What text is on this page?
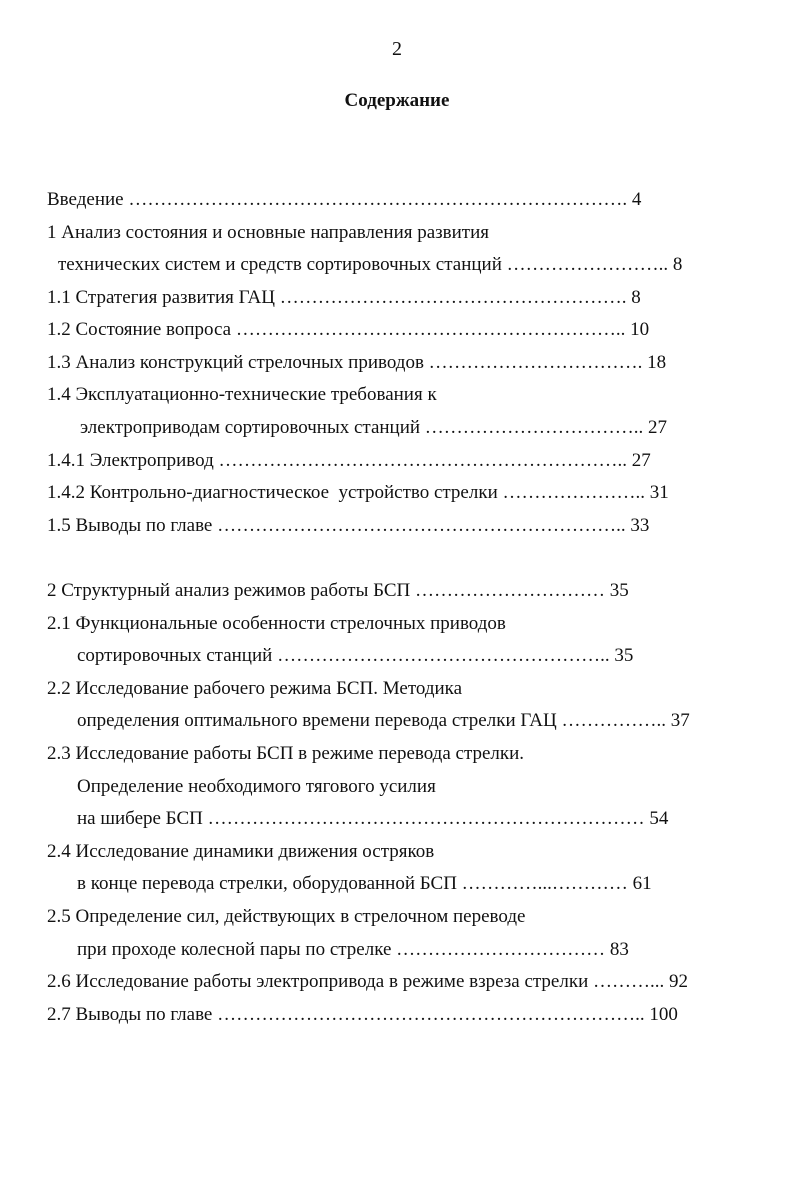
2
Содержание
Введение ……………………………………………………………………. 4
1 Анализ состояния и основные направления развития
технических систем и средств сортировочных станций …………………….. 8
1.1 Стратегия развития ГАЦ ………………………………………………. 8
1.2 Состояние вопроса …………………………………………………….. 10
1.3 Анализ конструкций стрелочных приводов ……………………………. 18
1.4 Эксплуатационно-технические требования к
электроприводам сортировочных станций …………………………….. 27
1.4.1 Электропривод ……………………………………………………….. 27
1.4.2 Контрольно-диагностическое  устройство стрелки ………………….. 31
1.5 Выводы по главе ……………………………………………………….. 33
2 Структурный анализ режимов работы БСП ………………………… 35
2.1 Функциональные особенности стрелочных приводов
сортировочных станций …………………………………………….. 35
2.2 Исследование рабочего режима БСП. Методика
определения оптимального времени перевода стрелки ГАЦ …………….. 37
2.3 Исследование работы БСП в режиме перевода стрелки.
Определение необходимого тягового усилия
на шибере БСП …………………………………………………………… 54
2.4 Исследование динамики движения остряков
в конце перевода стрелки, оборудованной БСП …………...………… 61
2.5 Определение сил, действующих в стрелочном переводе
при проходе колесной пары по стрелке …………………………… 83
2.6 Исследование работы электропривода в режиме взреза стрелки ………... 92
2.7 Выводы по главе ………………………………………………………….. 100
